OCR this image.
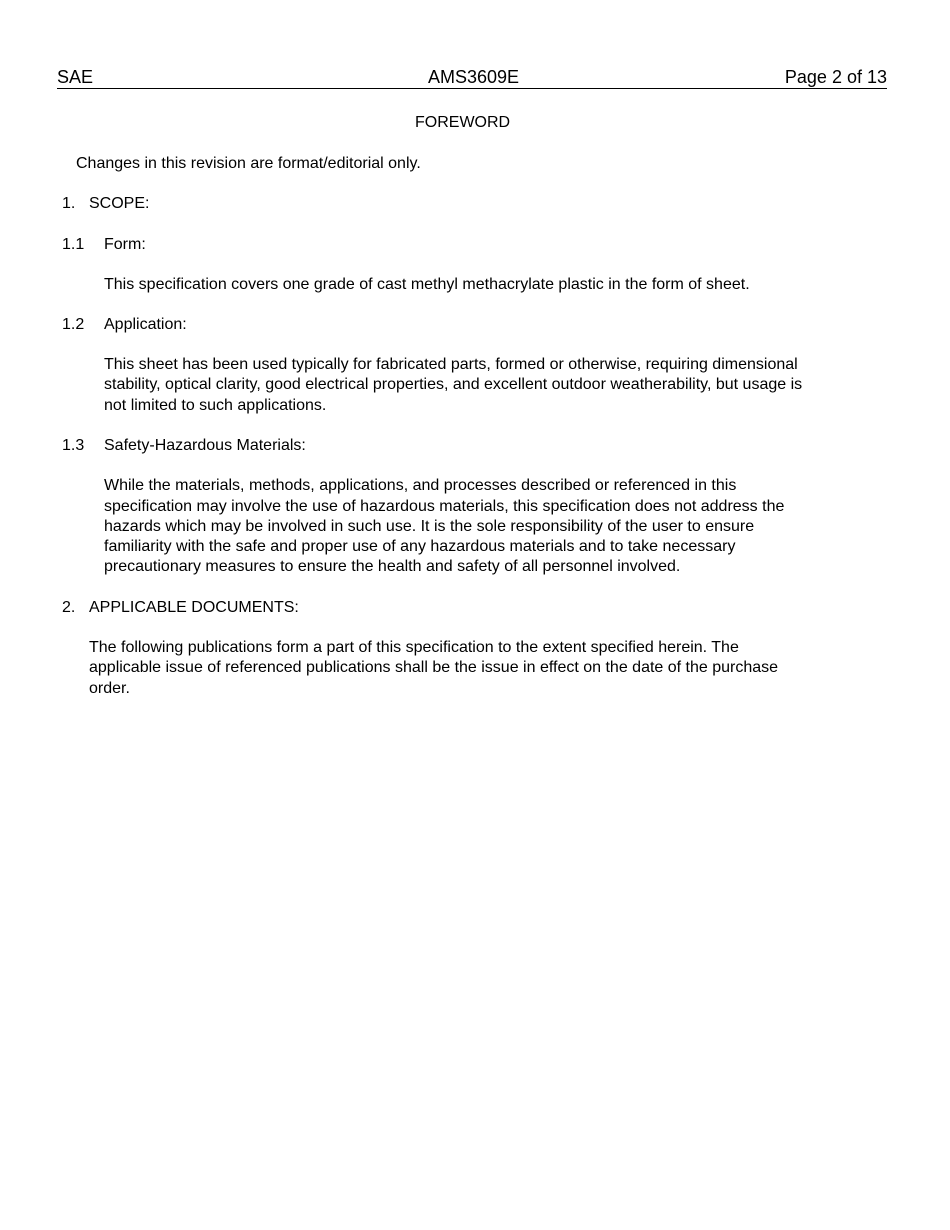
SAE	AMS3609E	Page 2 of 13
FOREWORD
Changes in this revision are format/editorial only.
1. SCOPE:
1.1 Form:
This specification covers one grade of cast methyl methacrylate plastic in the form of sheet.
1.2 Application:
This sheet has been used typically for fabricated parts, formed or otherwise, requiring dimensional
stability, optical clarity, good electrical properties, and excellent outdoor weatherability, but usage is
not limited to such applications.
1.3 Safety-Hazardous Materials:
While the materials, methods, applications, and processes described or referenced in this
specification may involve the use of hazardous materials, this specification does not address the
hazards which may be involved in such use. It is the sole responsibility of the user to ensure
familiarity with the safe and proper use of any hazardous materials and to take necessary
precautionary measures to ensure the health and safety of all personnel involved.
2. APPLICABLE DOCUMENTS:
The following publications form a part of this specification to the extent specified herein. The
applicable issue of referenced publications shall be the issue in effect on the date of the purchase
order.
